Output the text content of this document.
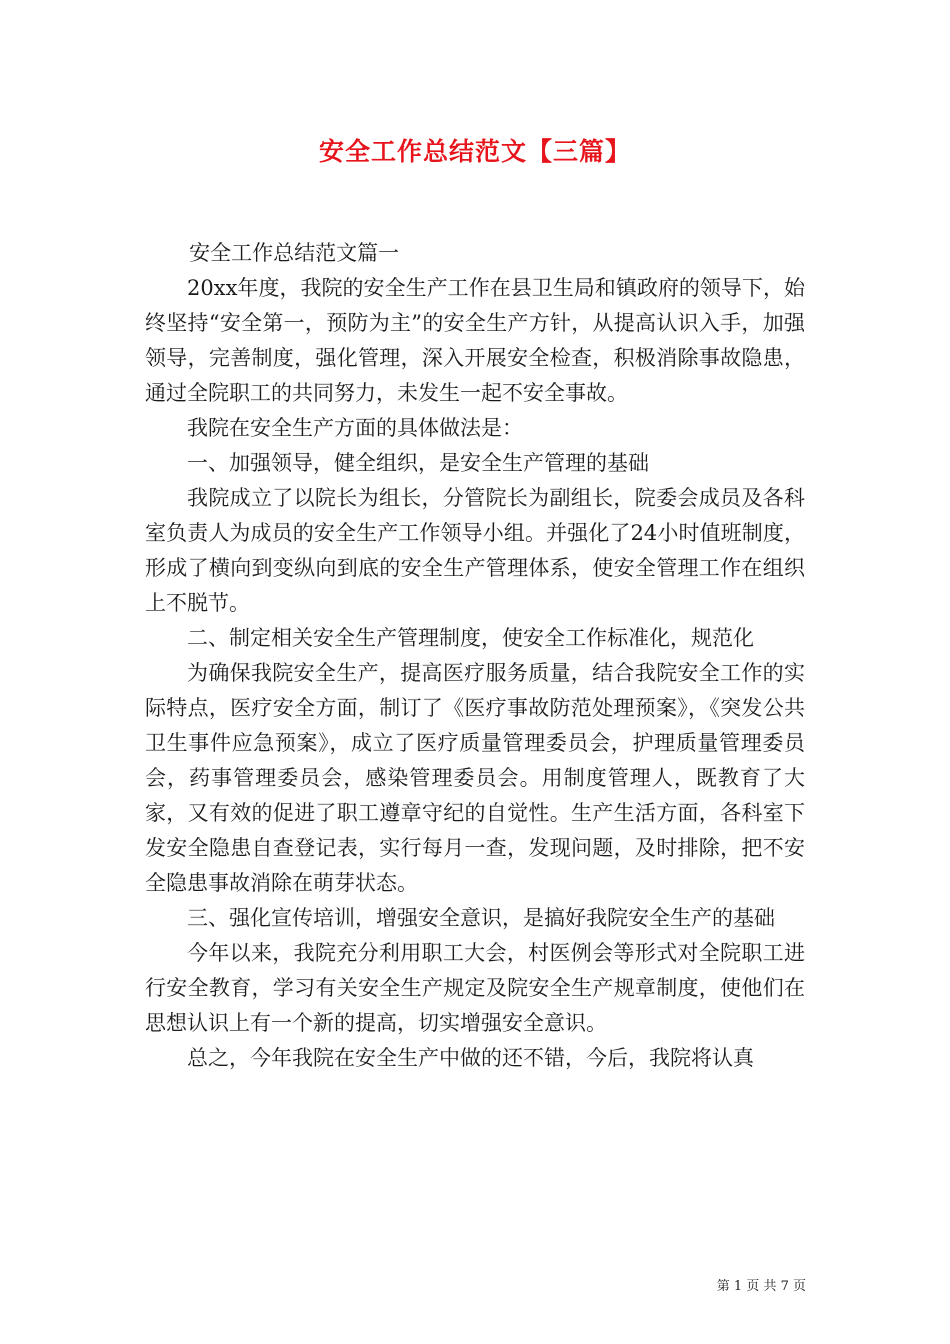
安全工作总结范文【三篇】

安全工作总结范文篇一

20xx年度，我院的安全生产工作在县卫生局和镇政府的领导下，始终坚持“安全第一，预防为主”的安全生产方针，从提高认识入手，加强领导，完善制度，强化管理，深入开展安全检查，积极消除事故隐患，通过全院职工的共同努力，未发生一起不安全事故。

我院在安全生产方面的具体做法是：

一、加强领导，健全组织，是安全生产管理的基础

我院成立了以院长为组长，分管院长为副组长，院委会成员及各科室负责人为成员的安全生产工作领导小组。并强化了24小时值班制度，形成了横向到变纵向到底的安全生产管理体系，使安全管理工作在组织上不脱节。

二、制定相关安全生产管理制度，使安全工作标准化，规范化

为确保我院安全生产，提高医疗服务质量，结合我院安全工作的实际特点，医疗安全方面，制订了《医疗事故防范处理预案》，《突发公共卫生事件应急预案》，成立了医疗质量管理委员会，护理质量管理委员会，药事管理委员会，感染管理委员会。用制度管理人，既教育了大家，又有效的促进了职工遵章守纪的自觉性。生产生活方面，各科室下发安全隐患自查登记表，实行每月一查，发现问题，及时排除，把不安全隐患事故消除在萌芽状态。

三、强化宣传培训，增强安全意识，是搞好我院安全生产的基础

今年以来，我院充分利用职工大会，村医例会等形式对全院职工进行安全教育，学习有关安全生产规定及院安全生产规章制度，使他们在思想认识上有一个新的提高，切实增强安全意识。

总之，今年我院在安全生产中做的还不错，今后，我院将认真

第 1 页 共 7 页
